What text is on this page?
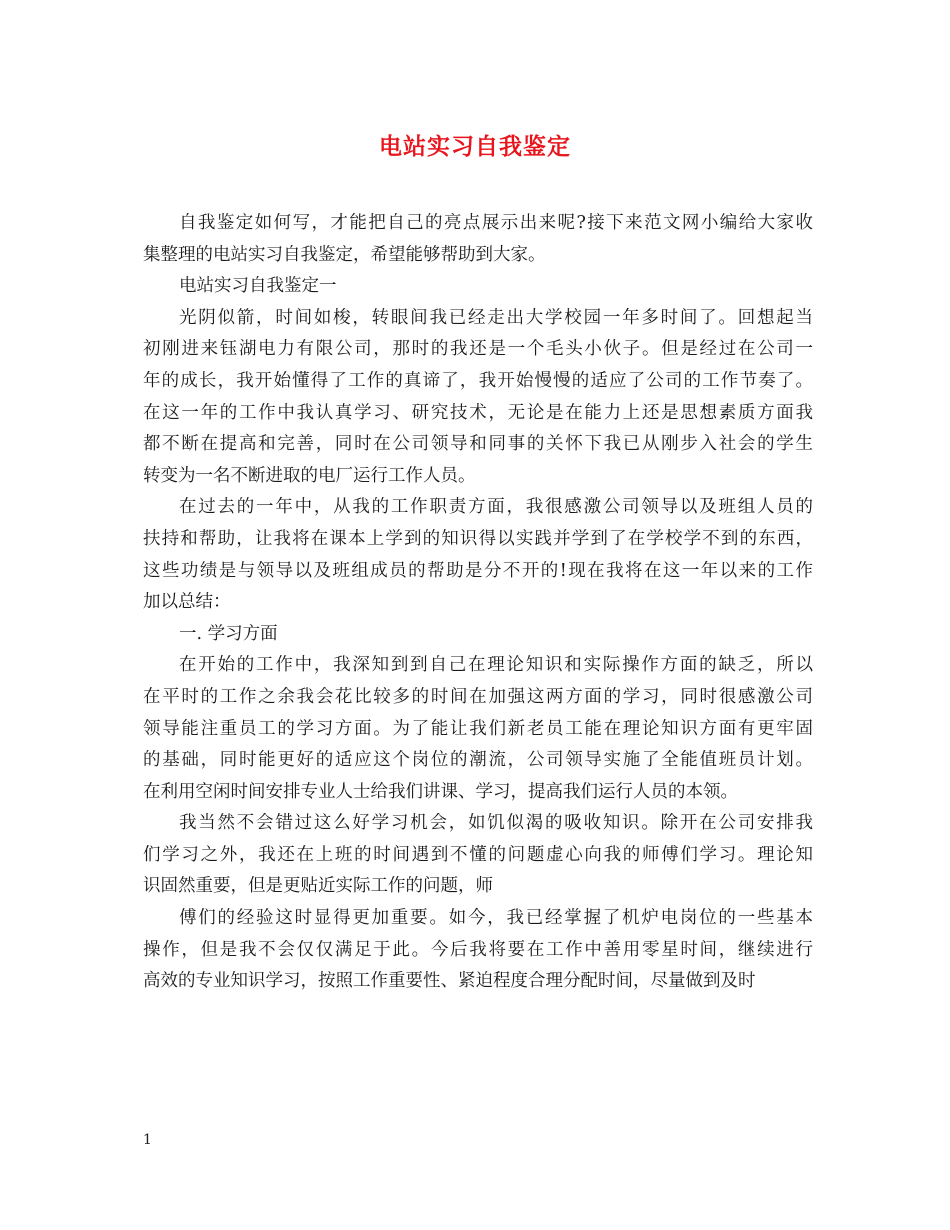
电站实习自我鉴定
自我鉴定如何写，才能把自己的亮点展示出来呢?接下来范文网小编给大家收
集整理的电站实习自我鉴定，希望能够帮助到大家。
电站实习自我鉴定一
光阴似箭，时间如梭，转眼间我已经走出大学校园一年多时间了。回想起当
初刚进来钰湖电力有限公司，那时的我还是一个毛头小伙子。但是经过在公司一
年的成长，我开始懂得了工作的真谛了，我开始慢慢的适应了公司的工作节奏了。
在这一年的工作中我认真学习、研究技术，无论是在能力上还是思想素质方面我
都不断在提高和完善，同时在公司领导和同事的关怀下我已从刚步入社会的学生
转变为一名不断进取的电厂运行工作人员。
在过去的一年中，从我的工作职责方面，我很感激公司领导以及班组人员的
扶持和帮助，让我将在课本上学到的知识得以实践并学到了在学校学不到的东西，
这些功绩是与领导以及班组成员的帮助是分不开的!现在我将在这一年以来的工作
加以总结：
一. 学习方面
在开始的工作中，我深知到到自己在理论知识和实际操作方面的缺乏，所以
在平时的工作之余我会花比较多的时间在加强这两方面的学习，同时很感激公司
领导能注重员工的学习方面。为了能让我们新老员工能在理论知识方面有更牢固
的基础，同时能更好的适应这个岗位的潮流，公司领导实施了全能值班员计划。
在利用空闲时间安排专业人士给我们讲课、学习，提高我们运行人员的本领。
我当然不会错过这么好学习机会，如饥似渴的吸收知识。除开在公司安排我
们学习之外，我还在上班的时间遇到不懂的问题虚心向我的师傅们学习。理论知
识固然重要，但是更贴近实际工作的问题，师
傅们的经验这时显得更加重要。如今，我已经掌握了机炉电岗位的一些基本
操作，但是我不会仅仅满足于此。今后我将要在工作中善用零星时间，继续进行
高效的专业知识学习，按照工作重要性、紧迫程度合理分配时间，尽量做到及时
1
